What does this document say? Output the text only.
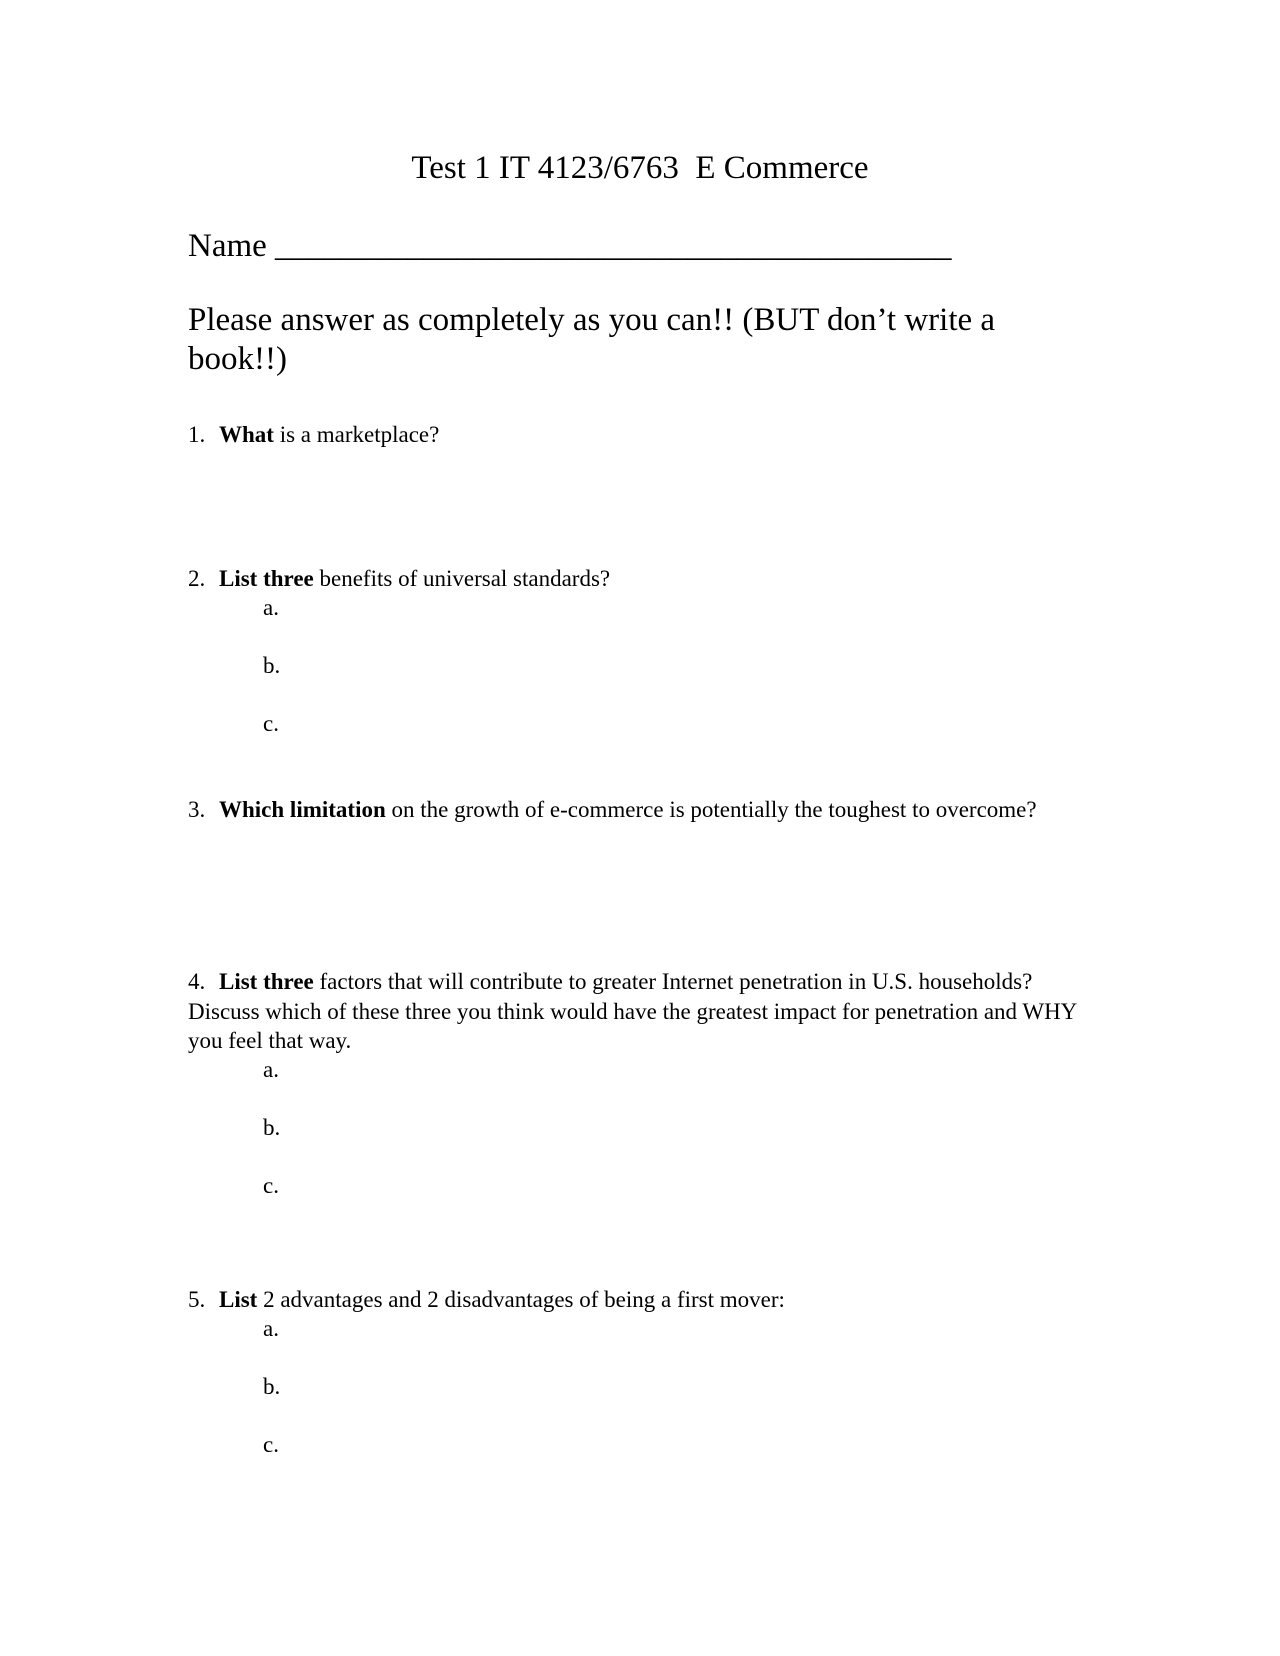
Test 1 IT 4123/6763  E Commerce
Name _________________________________________
Please answer as completely as you can!! (BUT don’t write a book!!)
1. What is a marketplace?
2. List three benefits of universal standards?
a.
b.
c.
3. Which limitation on the growth of e-commerce is potentially the toughest to overcome?
4. List three factors that will contribute to greater Internet penetration in U.S. households? Discuss which of these three you think would have the greatest impact for penetration and WHY you feel that way.
a.
b.
c.
5. List 2 advantages and 2 disadvantages of being a first mover:
a.
b.
c.
